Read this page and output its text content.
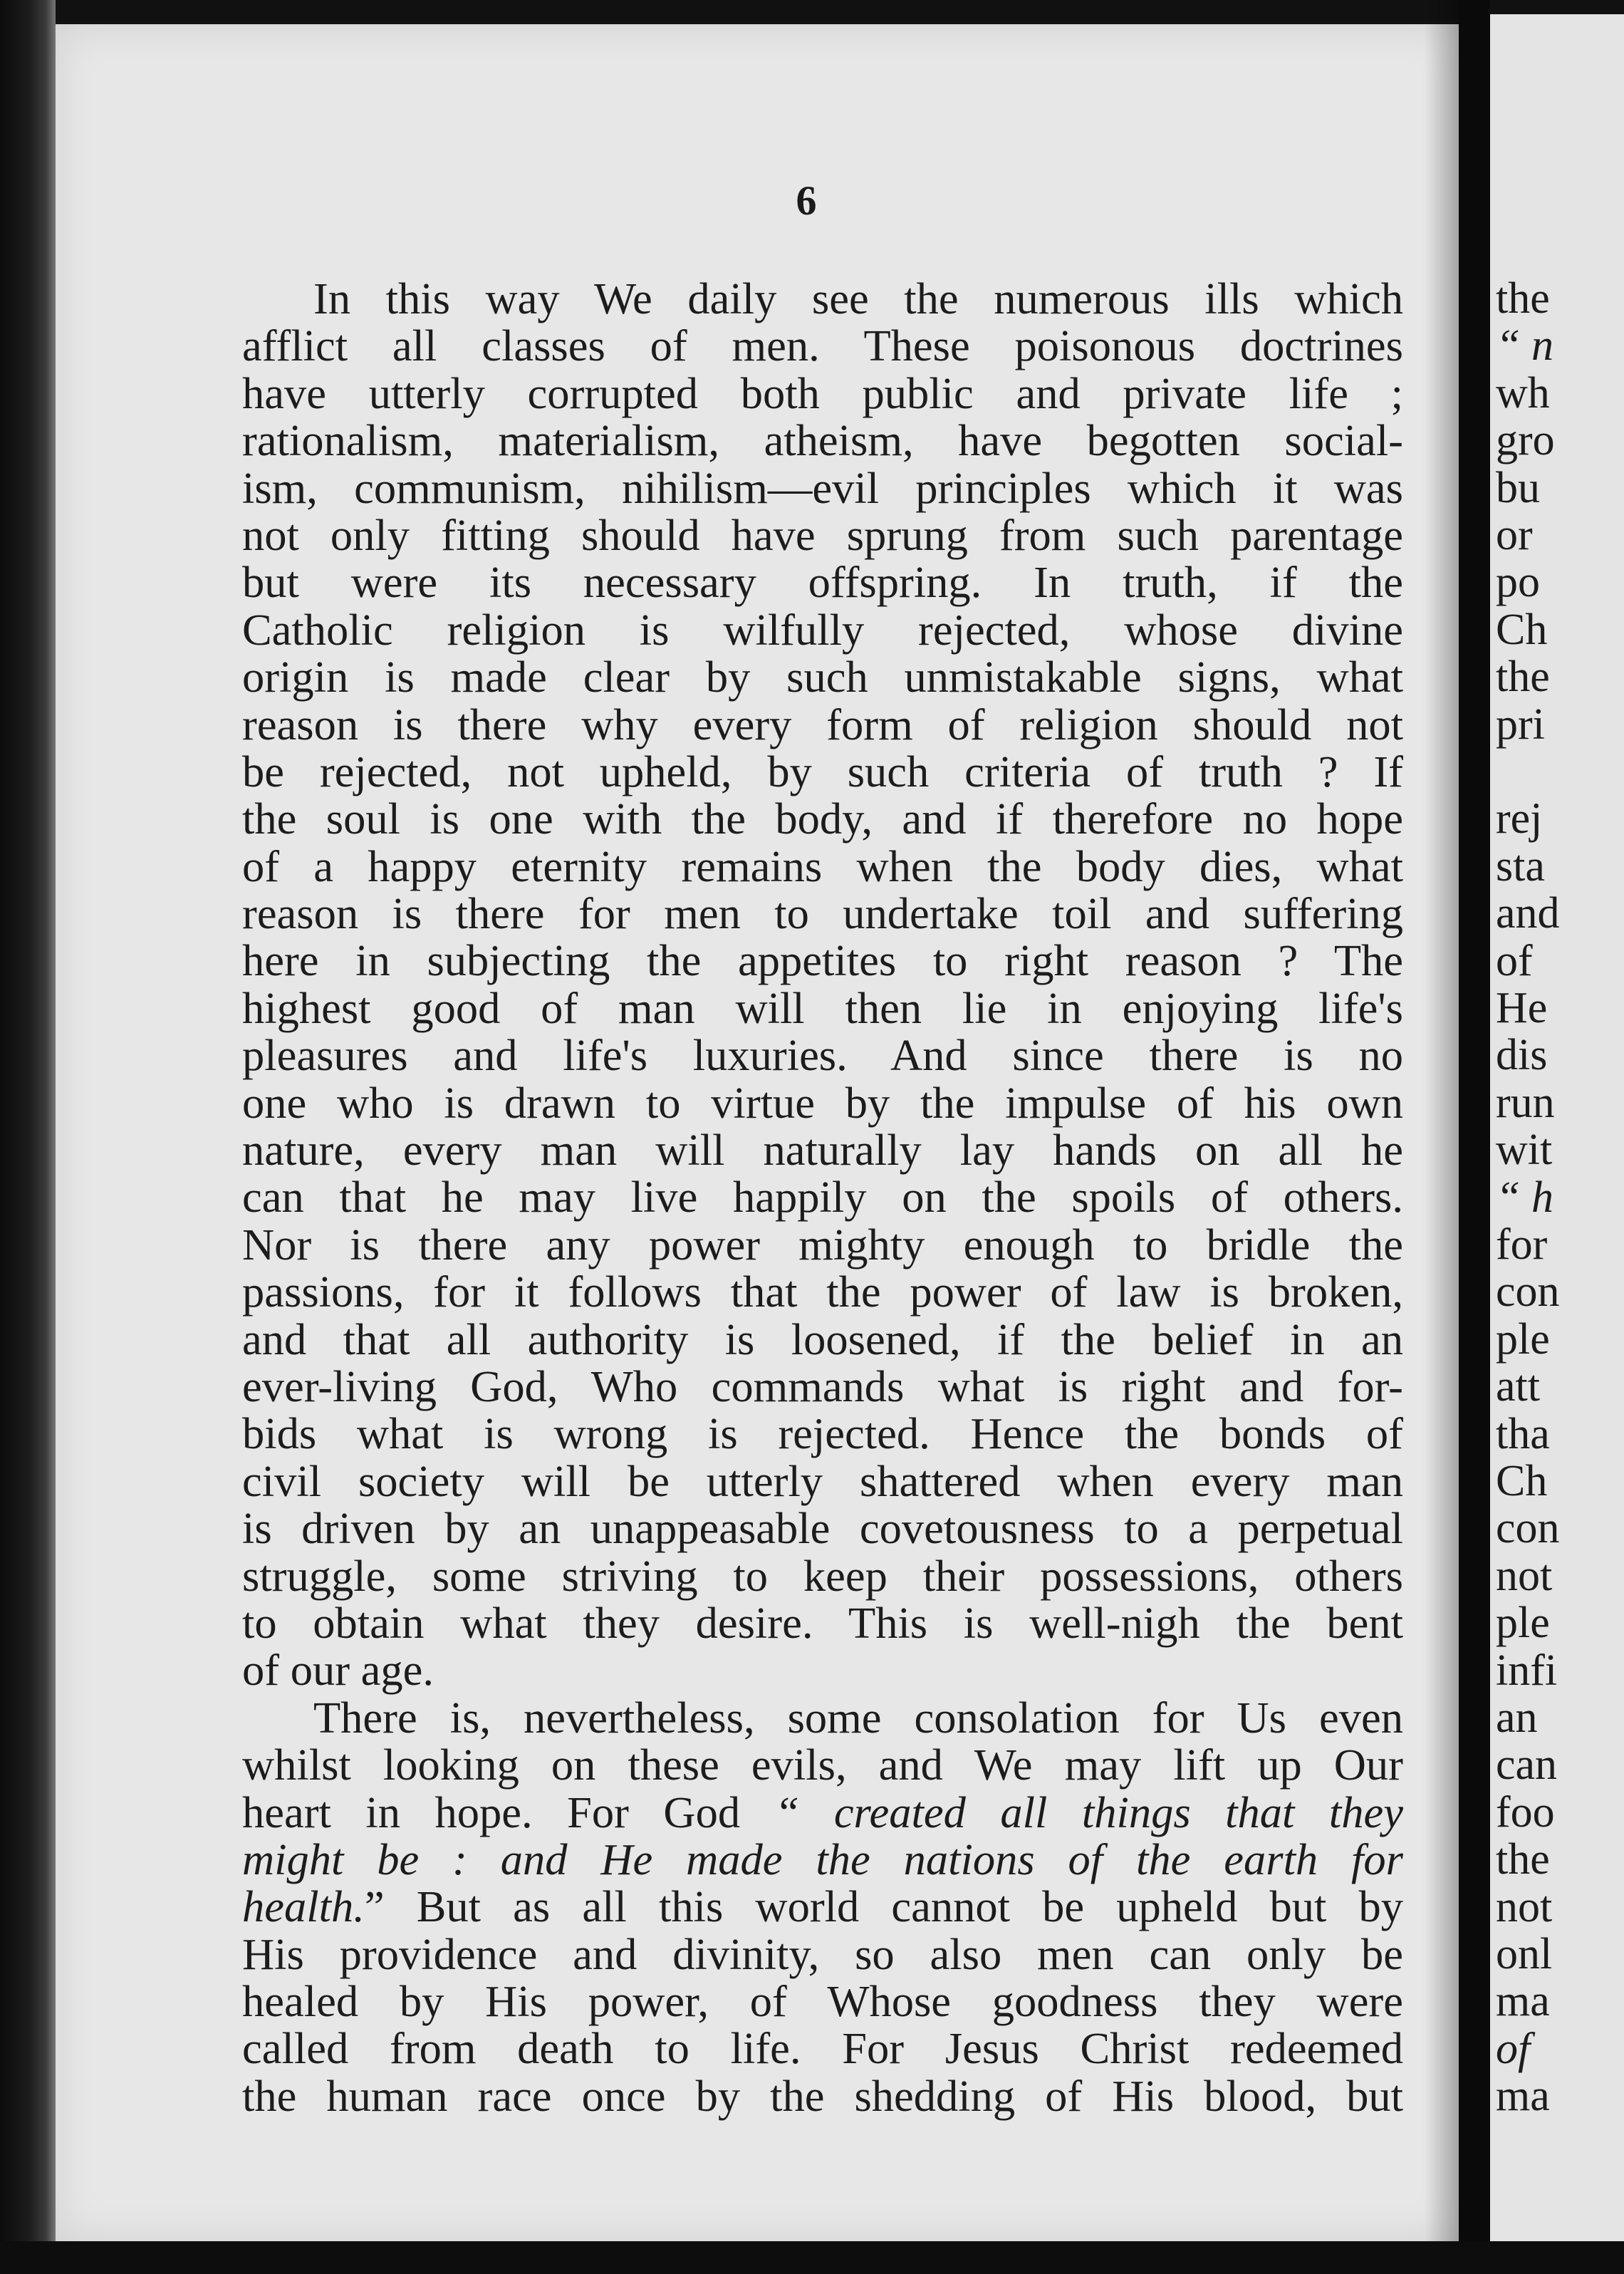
the
“ n
wh
gro
bu
or
po
Ch
the
pri
rej
sta
and
of
He
dis
run
wit
“ h
for
con
ple
att
tha
Ch
con
not
ple
infi
an
can
foo
the
not
onl
ma
of
ma
6
In this way We daily see the numerous ills which
afflict all classes of men. These poisonous doctrines
have utterly corrupted both public and private life ;
rationalism, materialism, atheism, have begotten social-
ism, communism, nihilism—evil principles which it was
not only fitting should have sprung from such parentage
but were its necessary offspring. In truth, if the
Catholic religion is wilfully rejected, whose divine
origin is made clear by such unmistakable signs, what
reason is there why every form of religion should not
be rejected, not upheld, by such criteria of truth ? If
the soul is one with the body, and if therefore no hope
of a happy eternity remains when the body dies, what
reason is there for men to undertake toil and suffering
here in subjecting the appetites to right reason ? The
highest good of man will then lie in enjoying life's
pleasures and life's luxuries. And since there is no
one who is drawn to virtue by the impulse of his own
nature, every man will naturally lay hands on all he
can that he may live happily on the spoils of others.
Nor is there any power mighty enough to bridle the
passions, for it follows that the power of law is broken,
and that all authority is loosened, if the belief in an
ever-living God, Who commands what is right and for-
bids what is wrong is rejected. Hence the bonds of
civil society will be utterly shattered when every man
is driven by an unappeasable covetousness to a perpetual
struggle, some striving to keep their possessions, others
to obtain what they desire. This is well-nigh the bent
of our age.
There is, nevertheless, some consolation for Us even
whilst looking on these evils, and We may lift up Our
heart in hope. For God “ created all things that they
might be : and He made the nations of the earth for
health.” But as all this world cannot be upheld but by
His providence and divinity, so also men can only be
healed by His power, of Whose goodness they were
called from death to life. For Jesus Christ redeemed
the human race once by the shedding of His blood, but
